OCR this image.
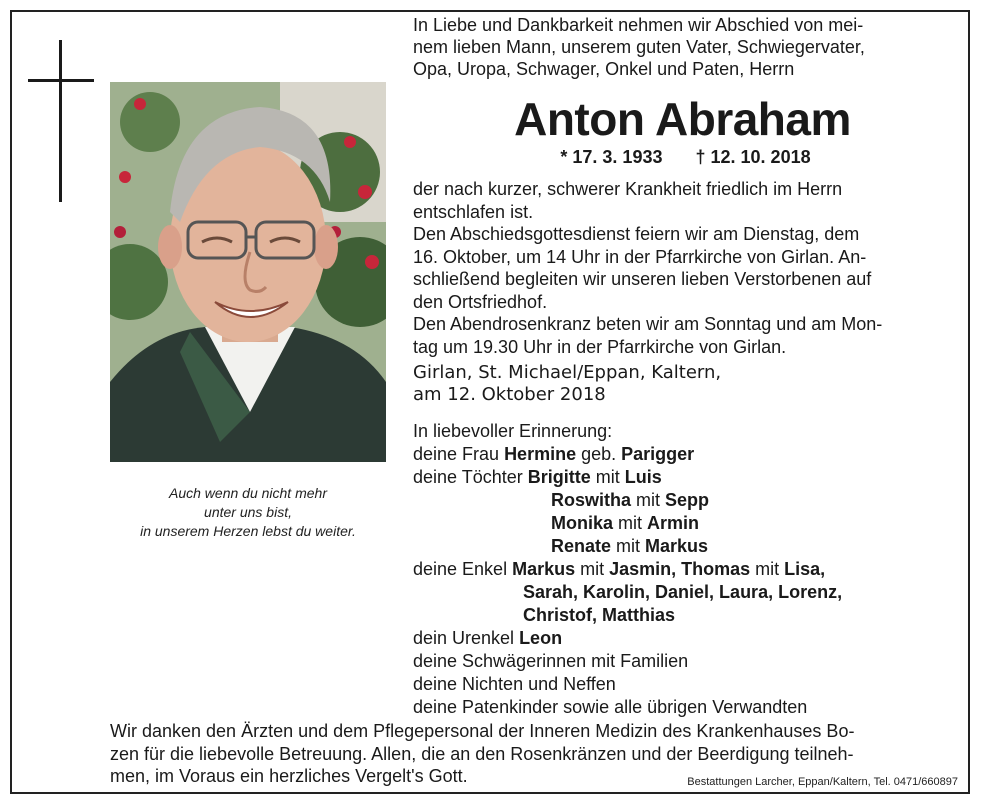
Auch wenn du nicht mehr
unter uns bist,
in unserem Herzen lebst du weiter.
In Liebe und Dankbarkeit nehmen wir Abschied von mei-
nem lieben Mann, unserem guten Vater, Schwiegervater,
Opa, Uropa, Schwager, Onkel und Paten, Herrn
Anton Abraham
* 17. 3. 1933 † 12. 10. 2018
der nach kurzer, schwerer Krankheit friedlich im Herrn
entschlafen ist.
Den Abschiedsgottesdienst feiern wir am Dienstag, dem
16. Oktober, um 14 Uhr in der Pfarrkirche von Girlan. An-
schließend begleiten wir unseren lieben Verstorbenen auf
den Ortsfriedhof.
Den Abendrosenkranz beten wir am Sonntag und am Mon-
tag um 19.30 Uhr in der Pfarrkirche von Girlan.
Girlan, St. Michael/Eppan, Kaltern,
am 12. Oktober 2018
In liebevoller Erinnerung:
deine Frau Hermine geb. Parigger
deine Töchter Brigitte mit Luis
Roswitha mit Sepp
Monika mit Armin
Renate mit Markus
deine Enkel Markus mit Jasmin, Thomas mit Lisa,
Sarah, Karolin, Daniel, Laura, Lorenz,
Christof, Matthias
dein Urenkel Leon
deine Schwägerinnen mit Familien
deine Nichten und Neffen
deine Patenkinder sowie alle übrigen Verwandten
Wir danken den Ärzten und dem Pflegepersonal der Inneren Medizin des Krankenhauses Bo-
zen für die liebevolle Betreuung. Allen, die an den Rosenkränzen und der Beerdigung teilneh-
men, im Voraus ein herzliches Vergelt's Gott.	Bestattungen Larcher, Eppan/Kaltern, Tel. 0471/660897
